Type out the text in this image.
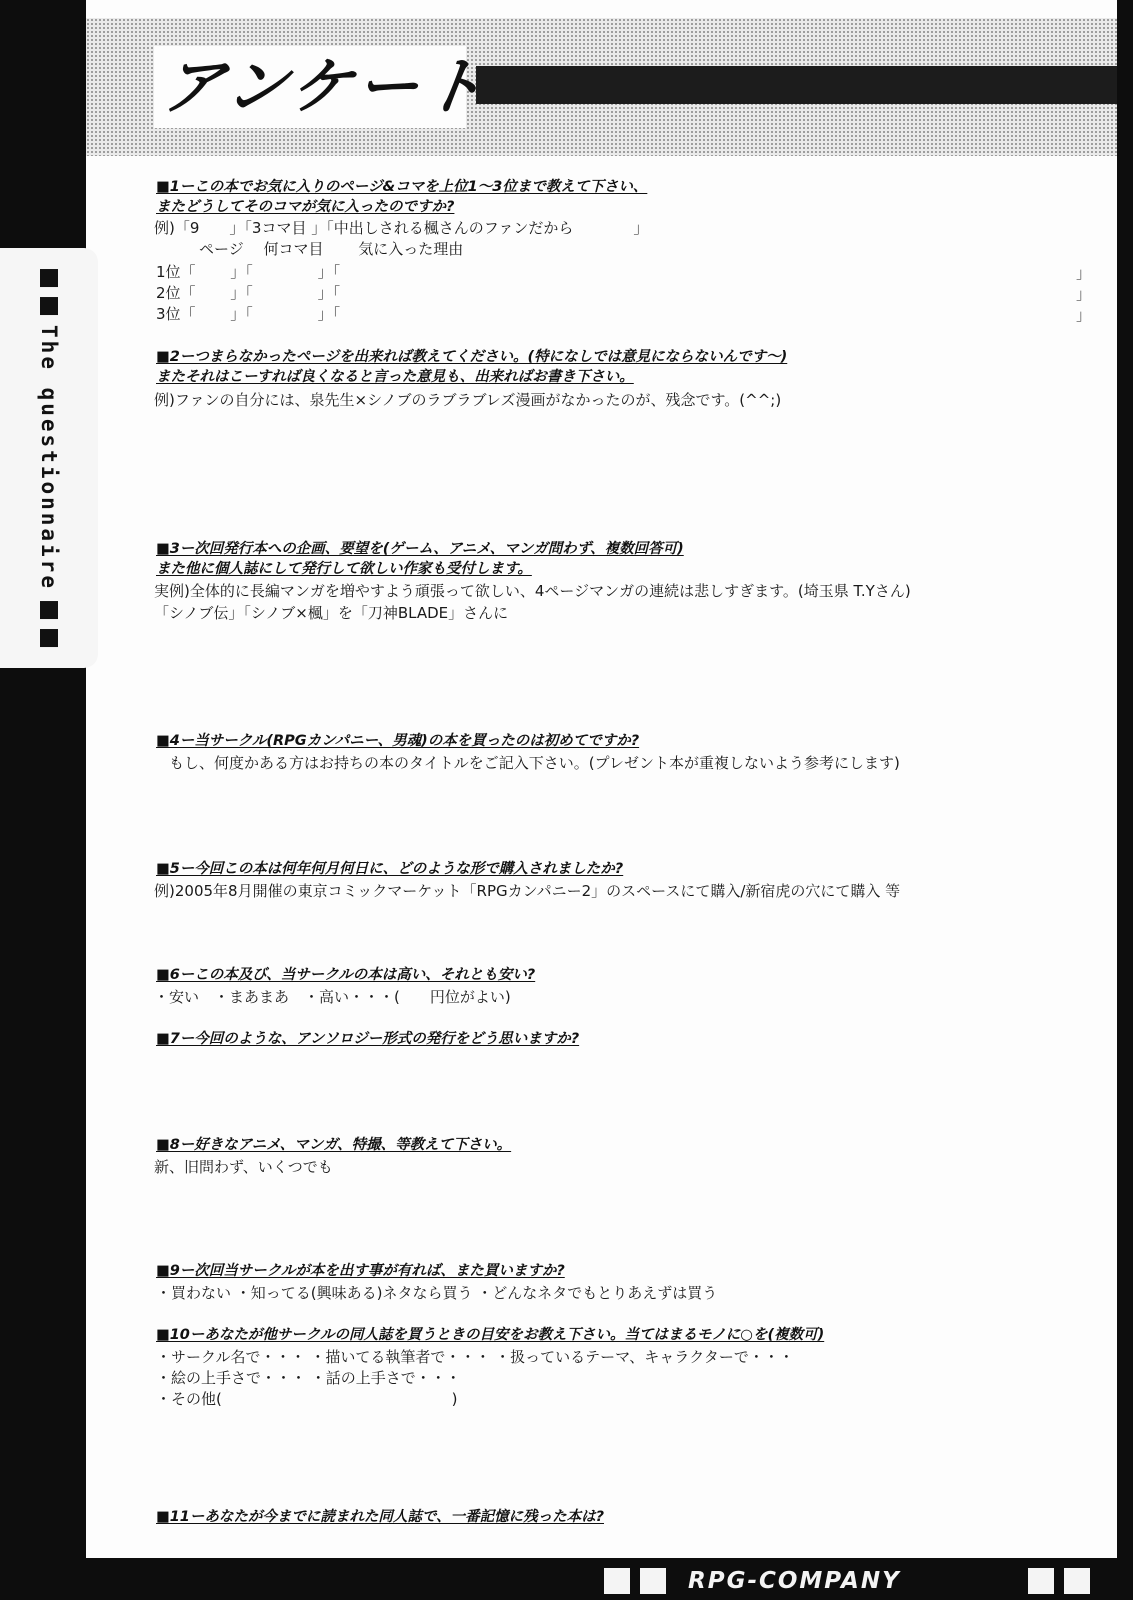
アンケート
■1ーこの本でお気に入りのページ&コマを上位1～3位まで教えて下さい、
またどうしてそのコマが気に入ったのですか?
例)「9　　」「3コマ目 」「中出しされる楓さんのファンだから　　　　」
　　　ページ　 何コマ目　　 気に入った理由
1位「　　 」「　　　　 」「
2位「　　 」「　　　　 」「
3位「　　 」「　　　　 」「
」
」
」
■2ーつまらなかったページを出来れば教えてください。(特になしでは意見にならないんです～)
またそれはこーすれば良くなると言った意見も、出来ればお書き下さい。
例)ファンの自分には、泉先生×シノブのラブラブレズ漫画がなかったのが、残念です。(^^;)
■3ー次回発行本への企画、要望を(ゲーム、アニメ、マンガ問わず、複数回答可)
また他に個人誌にして発行して欲しい作家も受付します。
実例)全体的に長編マンガを増やすよう頑張って欲しい、4ページマンガの連続は悲しすぎます。(埼玉県 T.Yさん)
「シノブ伝」「シノブ×楓」を「刀神BLADE」さんに
■4ー当サークル(RPGカンパニー、男魂)の本を買ったのは初めてですか?
　もし、何度かある方はお持ちの本のタイトルをご記入下さい。(プレゼント本が重複しないよう参考にします)
■5ー今回この本は何年何月何日に、どのような形で購入されましたか?
例)2005年8月開催の東京コミックマーケット「RPGカンパニー2」のスペースにて購入/新宿虎の穴にて購入 等
■6ーこの本及び、当サークルの本は高い、それとも安い?
・安い　・まあまあ　・高い・・・(　　円位がよい)
■7ー今回のような、アンソロジー形式の発行をどう思いますか?
■8ー好きなアニメ、マンガ、特撮、等教えて下さい。
新、旧問わず、いくつでも
■9ー次回当サークルが本を出す事が有れば、また買いますか?
・買わない ・知ってる(興味ある)ネタなら買う ・どんなネタでもとりあえずは買う
■10ーあなたが他サークルの同人誌を買うときの目安をお教え下さい。当てはまるモノに○を(複数可)
・サークル名で・・・ ・描いてる執筆者で・・・ ・扱っているテーマ、キャラクターで・・・
・絵の上手さで・・・ ・話の上手さで・・・
・その他(　　　　　　　　　　　　　　　 )
■11ーあなたが今までに読まれた同人誌で、一番記憶に残った本は?
The questionnaire
RPG-COMPANY
